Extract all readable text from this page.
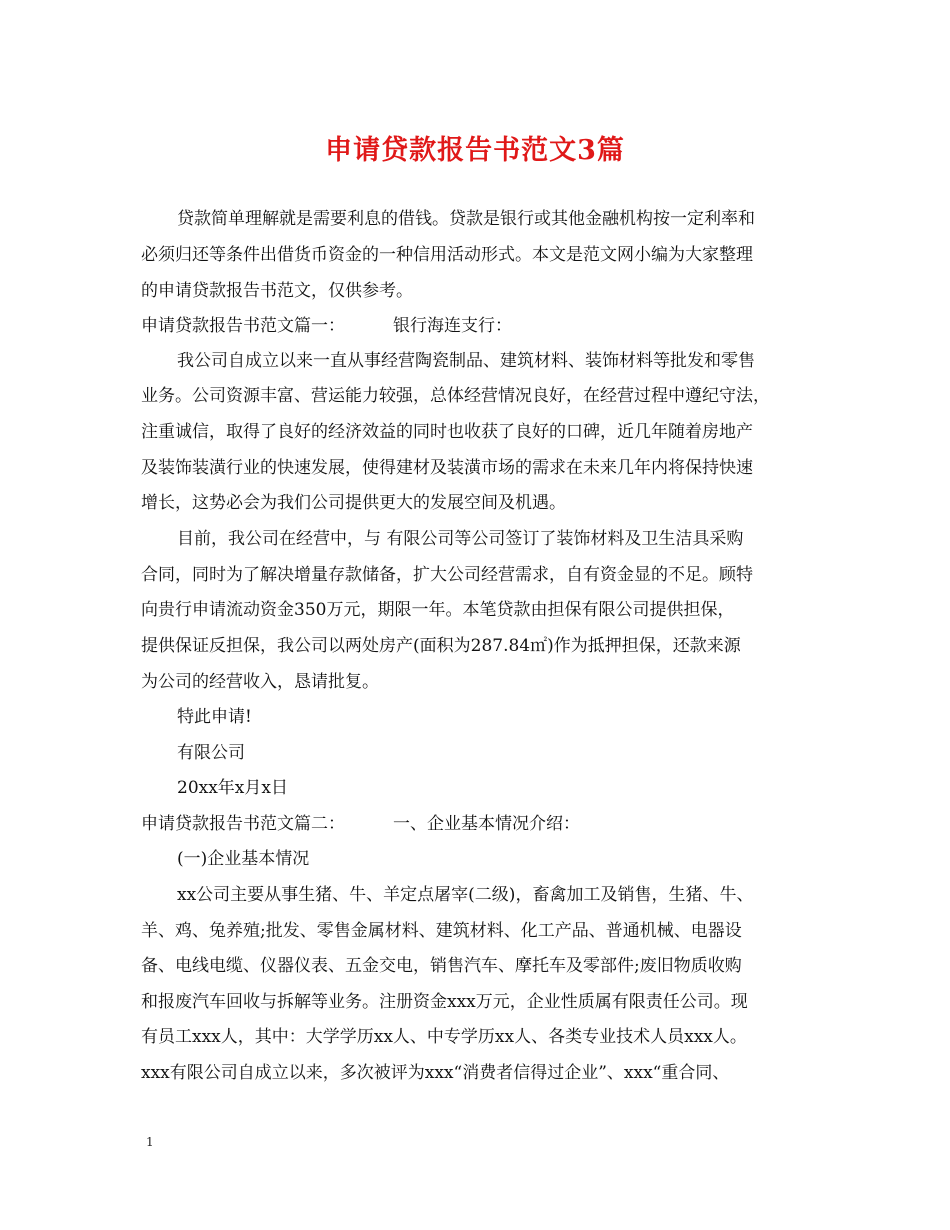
申请贷款报告书范文3篇
贷款简单理解就是需要利息的借钱。贷款是银行或其他金融机构按一定利率和
必须归还等条件出借货币资金的一种信用活动形式。本文是范文网小编为大家整理
的申请贷款报告书范文，仅供参考。
申请贷款报告书范文篇一：	银行海连支行：
我公司自成立以来一直从事经营陶瓷制品、建筑材料、装饰材料等批发和零售
业务。公司资源丰富、营运能力较强，总体经营情况良好，在经营过程中遵纪守法，
注重诚信，取得了良好的经济效益的同时也收获了良好的口碑，近几年随着房地产
及装饰装潢行业的快速发展，使得建材及装潢市场的需求在未来几年内将保持快速
增长，这势必会为我们公司提供更大的发展空间及机遇。
目前，我公司在经营中，与 有限公司等公司签订了装饰材料及卫生洁具采购
合同，同时为了解决增量存款储备，扩大公司经营需求，自有资金显的不足。顾特
向贵行申请流动资金350万元，期限一年。本笔贷款由担保有限公司提供担保，
提供保证反担保，我公司以两处房产(面积为287.84㎡)作为抵押担保，还款来源
为公司的经营收入，恳请批复。
特此申请!
有限公司
20xx年x月x日
申请贷款报告书范文篇二：	一、企业基本情况介绍：
(一)企业基本情况
xx公司主要从事生猪、牛、羊定点屠宰(二级)，畜禽加工及销售，生猪、牛、
羊、鸡、兔养殖;批发、零售金属材料、建筑材料、化工产品、普通机械、电器设
备、电线电缆、仪器仪表、五金交电，销售汽车、摩托车及零部件;废旧物质收购
和报废汽车回收与拆解等业务。注册资金xxx万元，企业性质属有限责任公司。现
有员工xxx人，其中：大学学历xx人、中专学历xx人、各类专业技术人员xxx人。
xxx有限公司自成立以来，多次被评为xxx“消费者信得过企业”、xxx“重合同、
1
